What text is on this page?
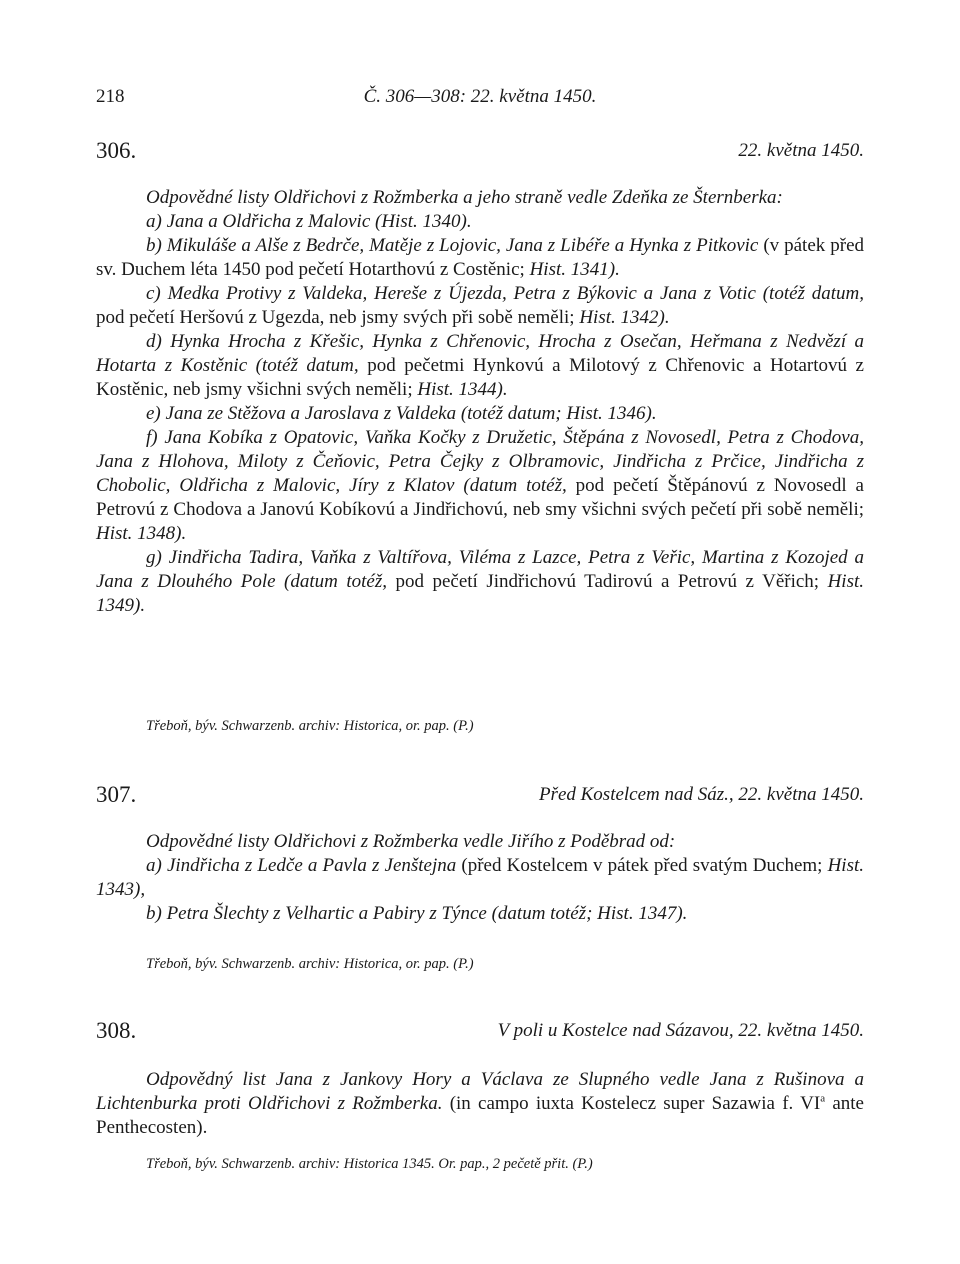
218	Č. 306—308: 22. května 1450.
306.	22. května 1450.

Odpovědné listy Oldřichovi z Rožmberka a jeho straně vedle Zdeňka ze Šternberka:

a) Jana a Oldřicha z Malovic (Hist. 1340).

b) Mikuláše a Alše z Bedrče, Matěje z Lojovic, Jana z Libéře a Hynka z Pitkovic (v pátek před sv. Duchem léta 1450 pod pečetí Hotarthovú z Costěnic; Hist. 1341).

c) Medka Protivy z Valdeka, Hereše z Újezda, Petra z Býkovic a Jana z Votic (totéž datum, pod pečetí Heršovú z Ugezda, neb jsmy svých při sobě neměli; Hist. 1342).

d) Hynka Hrocha z Křešic, Hynka z Chřenovic, Hrocha z Osečan, Heřmana z Nedvězí a Hotarta z Kostěnic (totéž datum, pod pečetmi Hynkovú a Milotový z Chřenovic a Hotartovú z Kostěnic, neb jsmy všichni svých neměli; Hist. 1344).

e) Jana ze Stěžova a Jaroslava z Valdeka (totéž datum; Hist. 1346).

f) Jana Kobíka z Opatovic, Vaňka Kočky z Družetic, Štěpána z Novosedl, Petra z Chodova, Jana z Hlohova, Miloty z Čeňovic, Petra Čejky z Olbramovic, Jindřicha z Prčice, Jindřicha z Chobolic, Oldřicha z Malovic, Jíry z Klatov (datum totéž, pod pečetí Štěpánovú z Novosedl a Petrovú z Chodova a Janovú Kobíkovú a Jindřichovú, neb smy všichni svých pečetí při sobě neměli; Hist. 1348).

g) Jindřicha Tadira, Vaňka z Valtířova, Viléma z Lazce, Petra z Veřic, Martina z Kozojed a Jana z Dlouhého Pole (datum totéž, pod pečetí Jindřichovú Tadirovú a Petrovú z Věřich; Hist. 1349).

Třeboň, býv. Schwarzenb. archiv: Historica, or. pap. (P.)
307.	Před Kostelcem nad Sáz., 22. května 1450.

Odpovědné listy Oldřichovi z Rožmberka vedle Jiřího z Poděbrad od:

a) Jindřicha z Ledče a Pavla z Jenštejna (před Kostelcem v pátek před svatým Duchem; Hist. 1343),

b) Petra Šlechty z Velhartic a Pabiry z Týnce (datum totéž; Hist. 1347).

Třeboň, býv. Schwarzenb. archiv: Historica, or. pap. (P.)
308.	V poli u Kostelce nad Sázavou, 22. května 1450.

Odpovědný list Jana z Jankovy Hory a Václava ze Slupného vedle Jana z Rušinova a Lichtenburka proti Oldřichovi z Rožmberka. (in campo iuxta Kostelecz super Sazawia f. $VI^a$ ante Penthecosten).

Třeboň, býv. Schwarzenb. archiv: Historica 1345. Or. pap., 2 pečetě přit. (P.)
